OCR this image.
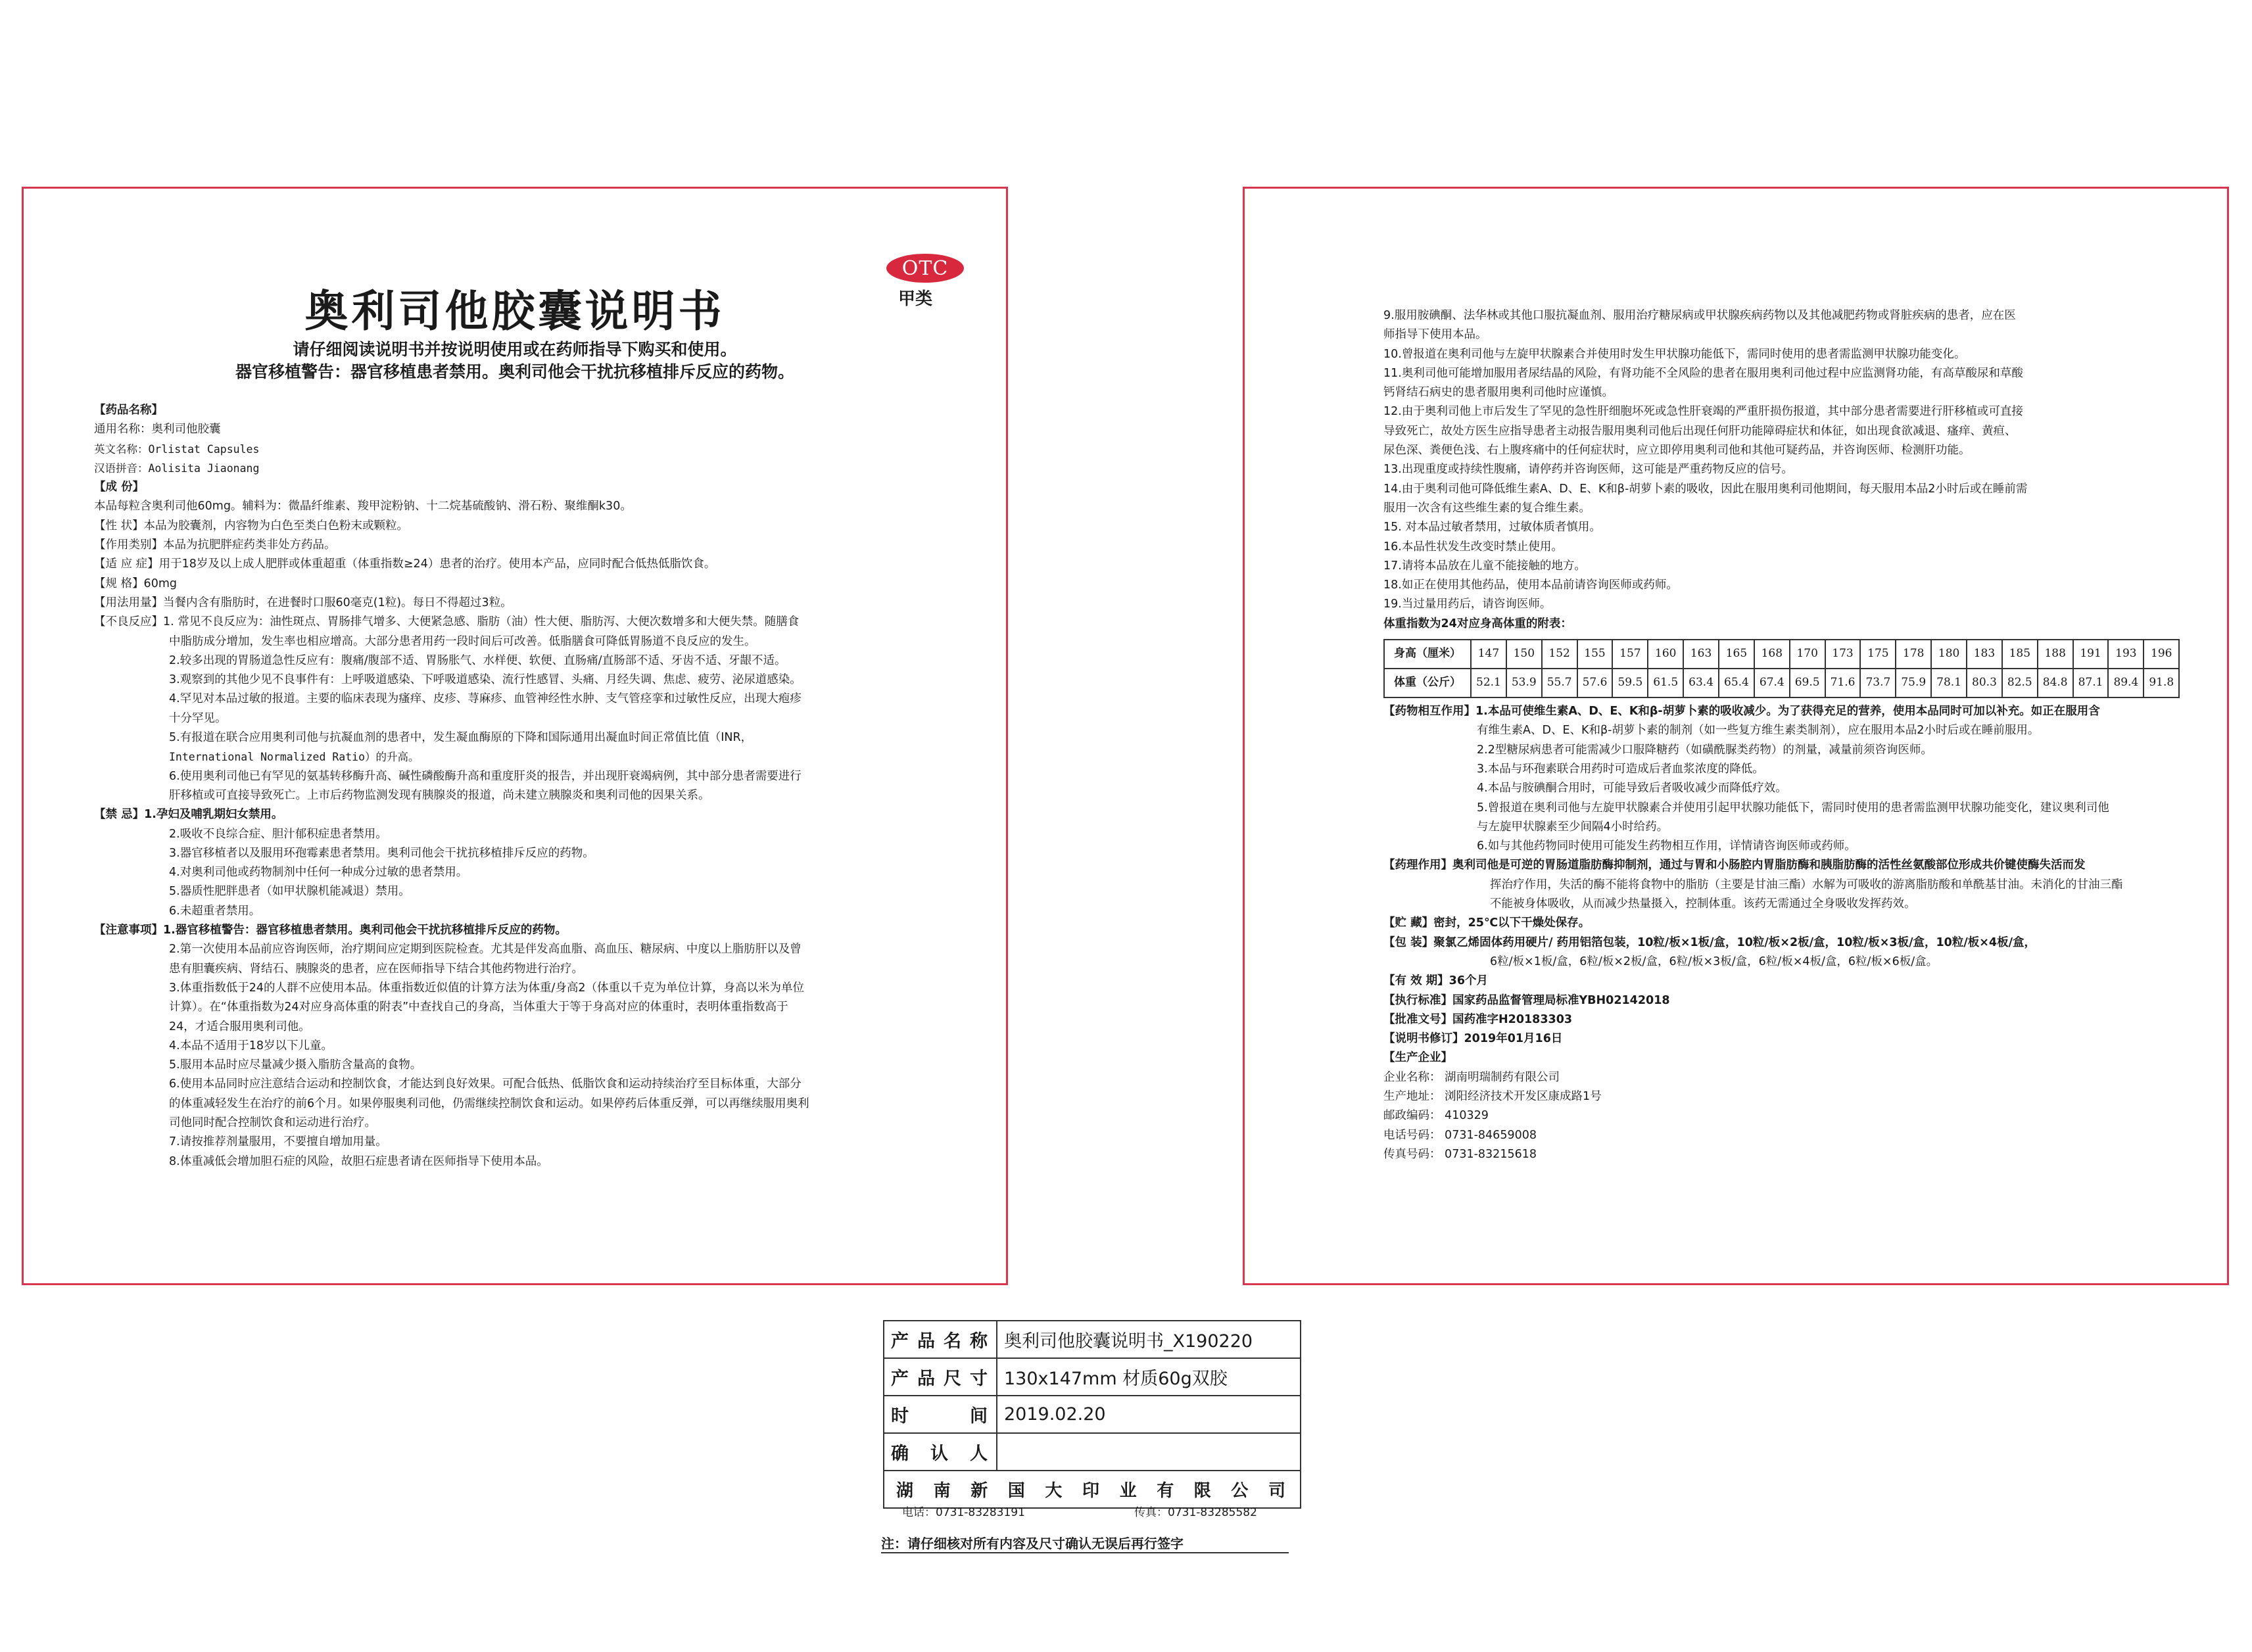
OTC
甲类
奥利司他胶囊说明书
请仔细阅读说明书并按说明使用或在药师指导下购买和使用。
器官移植警告：器官移植患者禁用。奥利司他会干扰抗移植排斥反应的药物。

【药品名称】

通用名称：奥利司他胶囊

英文名称：Orlistat Capsules

汉语拼音：Aolisita Jiaonang

【成 份】

本品每粒含奥利司他60mg。辅料为：微晶纤维素、羧甲淀粉钠、十二烷基硫酸钠、滑石粉、聚维酮k30。

【性 状】本品为胶囊剂，内容物为白色至类白色粉末或颗粒。

【作用类别】本品为抗肥胖症药类非处方药品。

【适 应 症】用于18岁及以上成人肥胖或体重超重（体重指数≥24）患者的治疗。使用本产品，应同时配合低热低脂饮食。

【规 格】60mg

【用法用量】当餐内含有脂肪时，在进餐时口服60毫克(1粒)。每日不得超过3粒。

【不良反应】1. 常见不良反应为：油性斑点、胃肠排气增多、大便紧急感、脂肪（油）性大便、脂肪泻、大便次数增多和大便失禁。随膳食

中脂肪成分增加，发生率也相应增高。大部分患者用药一段时间后可改善。低脂膳食可降低胃肠道不良反应的发生。

2.较多出现的胃肠道急性反应有：腹痛/腹部不适、胃肠胀气、水样便、软便、直肠痛/直肠部不适、牙齿不适、牙龈不适。

3.观察到的其他少见不良事件有：上呼吸道感染、下呼吸道感染、流行性感冒、头痛、月经失调、焦虑、疲劳、泌尿道感染。

4.罕见对本品过敏的报道。主要的临床表现为瘙痒、皮疹、荨麻疹、血管神经性水肿、支气管痉挛和过敏性反应，出现大疱疹

十分罕见。

5.有报道在联合应用奥利司他与抗凝血剂的患者中，发生凝血酶原的下降和国际通用出凝血时间正常值比值（INR，

International Normalized Ratio）的升高。

6.使用奥利司他已有罕见的氨基转移酶升高、碱性磷酸酶升高和重度肝炎的报告，并出现肝衰竭病例，其中部分患者需要进行

肝移植或可直接导致死亡。上市后药物监测发现有胰腺炎的报道，尚未建立胰腺炎和奥利司他的因果关系。

【禁 忌】1.孕妇及哺乳期妇女禁用。

2.吸收不良综合症、胆汁郁积症患者禁用。

3.器官移植者以及服用环孢霉素患者禁用。奥利司他会干扰抗移植排斥反应的药物。

4.对奥利司他或药物制剂中任何一种成分过敏的患者禁用。

5.器质性肥胖患者（如甲状腺机能减退）禁用。

6.未超重者禁用。

【注意事项】1.器官移植警告：器官移植患者禁用。奥利司他会干扰抗移植排斥反应的药物。

2.第一次使用本品前应咨询医师，治疗期间应定期到医院检查。尤其是伴发高血脂、高血压、糖尿病、中度以上脂肪肝以及曾

患有胆囊疾病、肾结石、胰腺炎的患者，应在医师指导下结合其他药物进行治疗。

3.体重指数低于24的人群不应使用本品。体重指数近似值的计算方法为体重/身高2（体重以千克为单位计算，身高以米为单位

计算）。在“体重指数为24对应身高体重的附表”中查找自己的身高，当体重大于等于身高对应的体重时，表明体重指数高于

24，才适合服用奥利司他。

4.本品不适用于18岁以下儿童。

5.服用本品时应尽量减少摄入脂肪含量高的食物。

6.使用本品同时应注意结合运动和控制饮食，才能达到良好效果。可配合低热、低脂饮食和运动持续治疗至目标体重，大部分

的体重减轻发生在治疗的前6个月。如果停服奥利司他，仍需继续控制饮食和运动。如果停药后体重反弹，可以再继续服用奥利

司他同时配合控制饮食和运动进行治疗。

7.请按推荐剂量服用，不要擅自增加用量。

8.体重减低会增加胆石症的风险，故胆石症患者请在医师指导下使用本品。

9.服用胺碘酮、法华林或其他口服抗凝血剂、服用治疗糖尿病或甲状腺疾病药物以及其他减肥药物或肾脏疾病的患者，应在医

师指导下使用本品。

10.曾报道在奥利司他与左旋甲状腺素合并使用时发生甲状腺功能低下，需同时使用的患者需监测甲状腺功能变化。

11.奥利司他可能增加服用者尿结晶的风险，有肾功能不全风险的患者在服用奥利司他过程中应监测肾功能，有高草酸尿和草酸

钙肾结石病史的患者服用奥利司他时应谨慎。

12.由于奥利司他上市后发生了罕见的急性肝细胞坏死或急性肝衰竭的严重肝损伤报道，其中部分患者需要进行肝移植或可直接

导致死亡，故处方医生应指导患者主动报告服用奥利司他后出现任何肝功能障碍症状和体征，如出现食欲减退、瘙痒、黄疸、

尿色深、粪便色浅、右上腹疼痛中的任何症状时，应立即停用奥利司他和其他可疑药品，并咨询医师、检测肝功能。

13.出现重度或持续性腹痛，请停药并咨询医师，这可能是严重药物反应的信号。

14.由于奥利司他可降低维生素A、D、E、K和β-胡萝卜素的吸收，因此在服用奥利司他期间，每天服用本品2小时后或在睡前需

服用一次含有这些维生素的复合维生素。

15. 对本品过敏者禁用，过敏体质者慎用。

16.本品性状发生改变时禁止使用。

17.请将本品放在儿童不能接触的地方。

18.如正在使用其他药品，使用本品前请咨询医师或药师。

19.当过量用药后，请咨询医师。

体重指数为24对应身高体重的附表：

身高（厘米）	147	150	152	155	157	160	163	165	168	170	173	175	178	180	183	185	188	191	193	196
体重（公斤）	52.1	53.9	55.7	57.6	59.5	61.5	63.4	65.4	67.4	69.5	71.6	73.7	75.9	78.1	80.3	82.5	84.8	87.1	89.4	91.8

【药物相互作用】1.本品可使维生素A、D、E、K和β-胡萝卜素的吸收减少。为了获得充足的营养，使用本品同时可加以补充。如正在服用含

有维生素A、D、E、K和β-胡萝卜素的制剂（如一些复方维生素类制剂），应在服用本品2小时后或在睡前服用。

2.2型糖尿病患者可能需减少口服降糖药（如磺酰脲类药物）的剂量，减量前须咨询医师。

3.本品与环孢素联合用药时可造成后者血浆浓度的降低。

4.本品与胺碘酮合用时，可能导致后者吸收减少而降低疗效。

5.曾报道在奥利司他与左旋甲状腺素合并使用引起甲状腺功能低下，需同时使用的患者需监测甲状腺功能变化，建议奥利司他

与左旋甲状腺素至少间隔4小时给药。

6.如与其他药物同时使用可能发生药物相互作用，详情请咨询医师或药师。

【药理作用】奥利司他是可逆的胃肠道脂肪酶抑制剂，通过与胃和小肠腔内胃脂肪酶和胰脂肪酶的活性丝氨酸部位形成共价键使酶失活而发

挥治疗作用，失活的酶不能将食物中的脂肪（主要是甘油三酯）水解为可吸收的游离脂肪酸和单酰基甘油。未消化的甘油三酯

不能被身体吸收，从而减少热量摄入，控制体重。该药无需通过全身吸收发挥药效。

【贮 藏】密封，25℃以下干燥处保存。

【包 装】聚氯乙烯固体药用硬片/ 药用铝箔包装，10粒/板×1板/盒，10粒/板×2板/盒，10粒/板×3板/盒，10粒/板×4板/盒，

6粒/板×1板/盒，6粒/板×2板/盒，6粒/板×3板/盒，6粒/板×4板/盒，6粒/板×6板/盒。

【有 效 期】36个月

【执行标准】国家药品监督管理局标准YBH02142018

【批准文号】国药准字H20183303

【说明书修订】2019年01月16日

【生产企业】

企业名称： 湖南明瑞制药有限公司

生产地址： 浏阳经济技术开发区康成路1号

邮政编码： 410329

电话号码： 0731-84659008

传真号码： 0731-83215618

产品名称	奥利司他胶囊说明书_X190220
产品尺寸	130x147mm 材质60g双胶
时 间	2019.02.20
确认人	
湖南新国大印业有限公司	
电话：0731-83283191	传真：0731-83285582
注：请仔细核对所有内容及尺寸确认无误后再行签字
